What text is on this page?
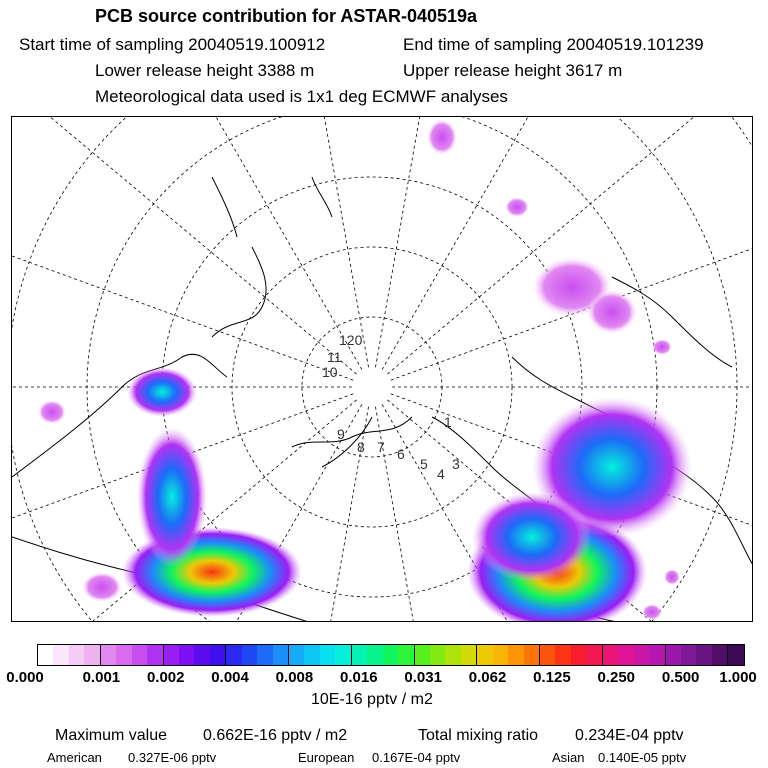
PCB source contribution for ASTAR-040519a
Start time of sampling 20040519.100912	End time of sampling 20040519.101239
Lower release height 3388 m	Upper release height 3617 m
Meteorological data used is 1x1 deg ECMWF analyses
120
11
10
9
8 7 6
5
4
3
1
0.000	0.001 0.002 0.004 0.008 0.016 0.031 0.062 0.125 0.250 0.500 1.000
10E-16 pptv / m2
Maximum value 0.662E-16 pptv / m2	Total mixing ratio 0.234E-04 pptv
American 0.327E-06 pptv	European 0.167E-04 pptv	Asian 0.140E-05 pptv
